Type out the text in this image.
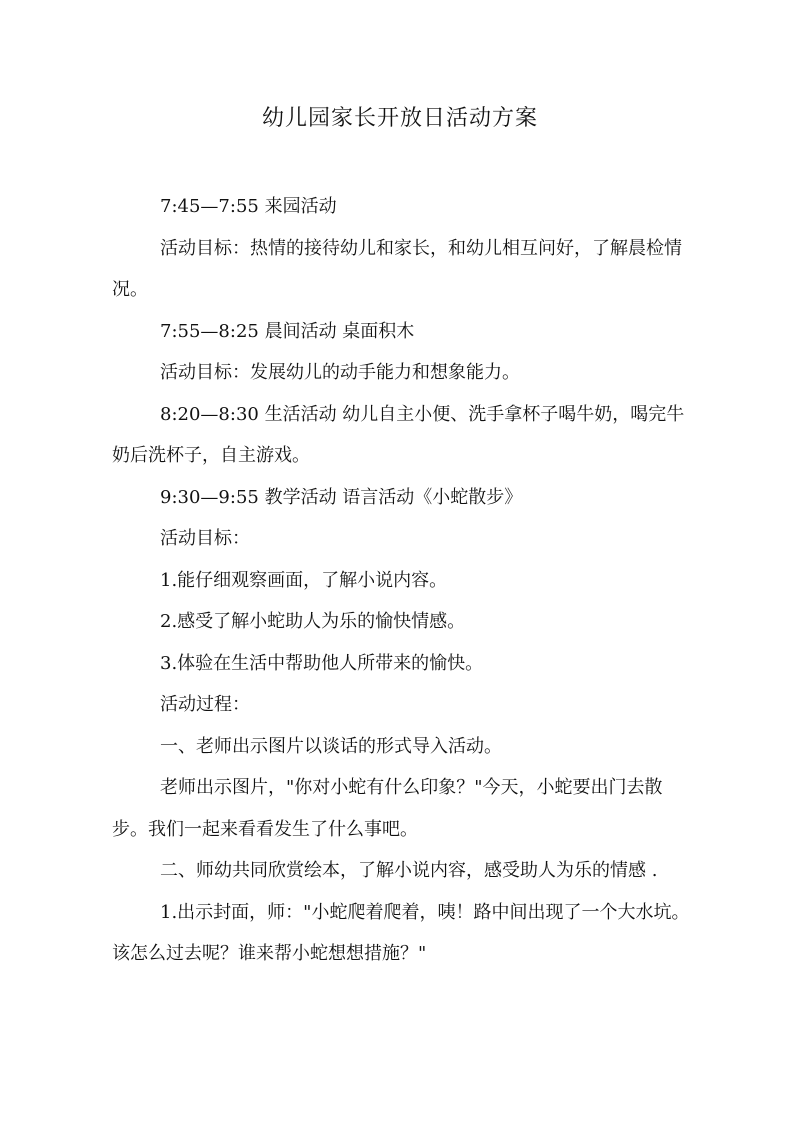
幼儿园家长开放日活动方案

7:45—7:55 来园活动

活动目标：热情的接待幼儿和家长，和幼儿相互问好，了解晨检情况。

7:55—8:25 晨间活动 桌面积木

活动目标：发展幼儿的动手能力和想象能力。

8:20—8:30 生活活动 幼儿自主小便、洗手拿杯子喝牛奶，喝完牛奶后洗杯子，自主游戏。

9:30—9:55 教学活动 语言活动《小蛇散步》

活动目标：

1.能仔细观察画面，了解小说内容。

2.感受了解小蛇助人为乐的愉快情感。

3.体验在生活中帮助他人所带来的愉快。

活动过程：

一、老师出示图片以谈话的形式导入活动。

老师出示图片，"你对小蛇有什么印象？"今天，小蛇要出门去散步。我们一起来看看发生了什么事吧。

二、师幼共同欣赏绘本，了解小说内容，感受助人为乐的情感 .

1.出示封面，师："小蛇爬着爬着，咦！路中间出现了一个大水坑。该怎么过去呢？谁来帮小蛇想想措施？"
